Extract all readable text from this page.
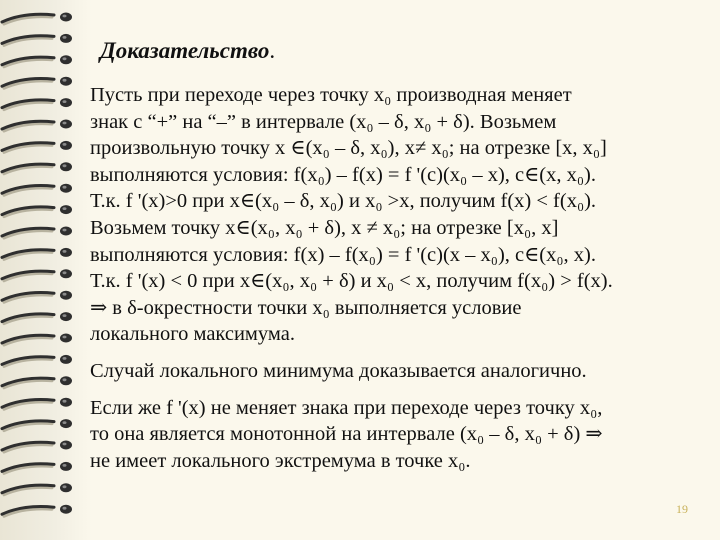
Доказательство.
Пусть при переходе через точку x₀ производная меняет
знак с “+” на “–” в интервале (x₀ – δ, x₀ + δ). Возьмем
произвольную точку x ∈(x₀ – δ, x₀), x≠ x₀; на отрезке [x, x₀]
выполняются условия: f(x₀) – f(x) = f '(c)(x₀ – x), c∈(x, x₀).
Т.к. f '(x)>0 при x∈(x₀ – δ, x₀) и x₀ >x, получим f(x) < f(x₀).
Возьмем точку x∈(x₀, x₀ + δ), x ≠ x₀; на отрезке [x₀, x]
выполняются условия: f(x) – f(x₀) = f '(c)(x – x₀), c∈(x₀, x).
Т.к. f '(x) < 0 при x∈(x₀, x₀ + δ) и x₀ < x, получим f(x₀) > f(x).
⇒ в δ-окрестности точки x₀ выполняется условие
локального максимума.
Случай локального минимума доказывается аналогично.
Если же f '(x) не меняет знака при переходе через точку x₀,
то она является монотонной на интервале (x₀ – δ, x₀ + δ) ⇒
не имеет локального экстремума в точке x₀.
19
